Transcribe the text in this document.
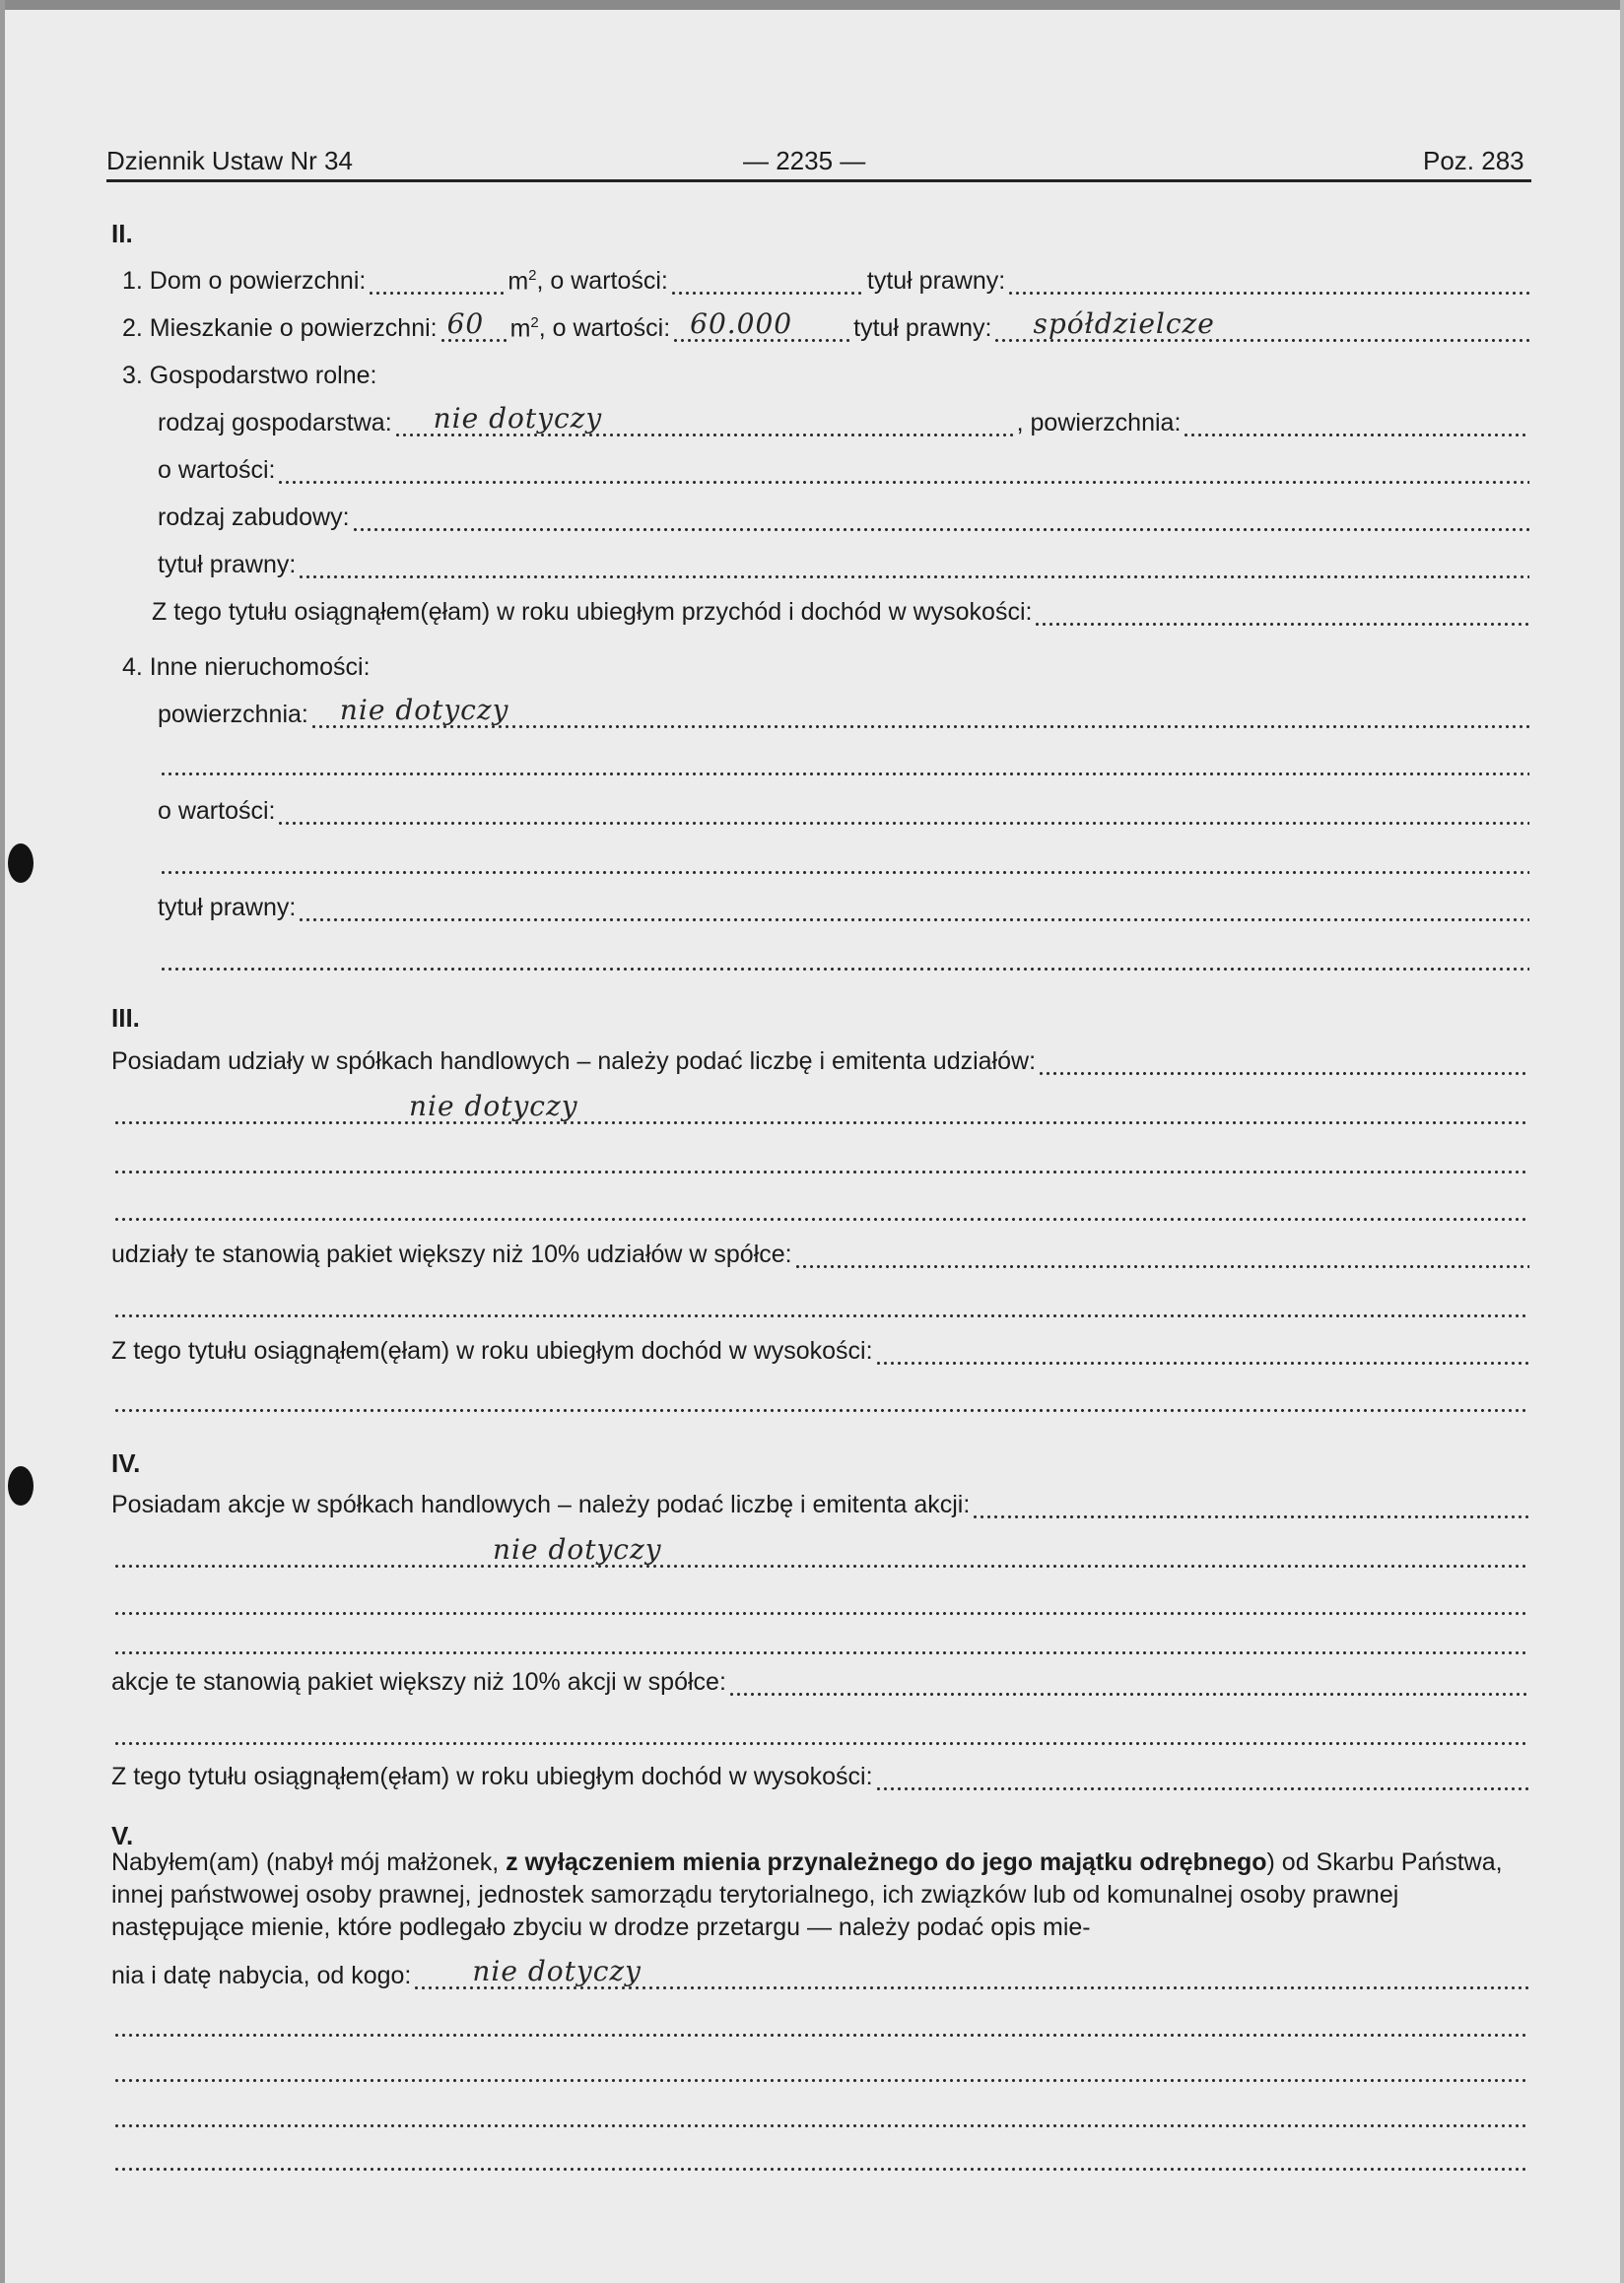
Dziennik Ustaw Nr 34	— 2235 —	Poz. 283
II.
1. Dom o powierzchni:	$m^2$ , o wartości:	tytuł prawny:
2. Mieszkanie o powierzchni: 60 $m^2$ , o wartości: 60.000 tytuł prawny: spółdzielcze
3. Gospodarstwo rolne:
rodzaj gospodarstwa: nie dotyczy	, powierzchnia:
o wartości:
rodzaj zabudowy:
tytuł prawny:
Z tego tytułu osiągnąłem(ęłam) w roku ubiegłym przychód i dochód w wysokości:
4. Inne nieruchomości:
powierzchnia: nie dotyczy
o wartości:
tytuł prawny:
III.
Posiadam udziały w spółkach handlowych – należy podać liczbę i emitenta udziałów:
nie dotyczy
udziały te stanowią pakiet większy niż 10% udziałów w spółce:
Z tego tytułu osiągnąłem(ęłam) w roku ubiegłym dochód w wysokości:
IV.
Posiadam akcje w spółkach handlowych – należy podać liczbę i emitenta akcji:
nie dotyczy
akcje te stanowią pakiet większy niż 10% akcji w spółce:
Z tego tytułu osiągnąłem(ęłam) w roku ubiegłym dochód w wysokości:
V.
Nabyłem(am) (nabył mój małżonek, z wyłączeniem mienia przynależnego do jego majątku odrębnego) od Skarbu Państwa, innej państwowej osoby prawnej, jednostek samorządu terytorialnego, ich związków lub od komunalnej osoby prawnej następujące mienie, które podlegało zbyciu w drodze przetargu — należy podać opis mie-
nia i datę nabycia, od kogo: nie dotyczy
